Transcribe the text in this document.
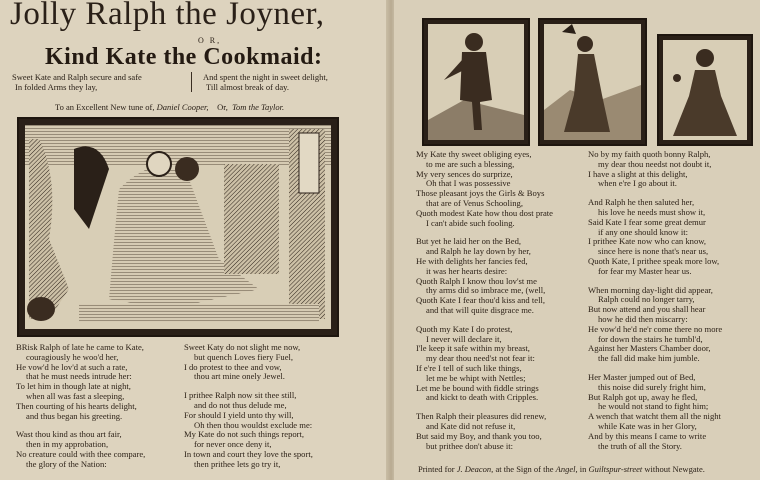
Jolly Ralph the Joyner,
O R,
Kind Kate the Cookmaid:
Sweet Kate and Ralph secure and safe
In folded Arms they lay,
And spent the night in sweet delight,
Till almost break of day.
To an Excellent New tune of, Daniel Cooper, Or, Tom the Taylor.
BRisk Ralph of late he came to Kate,
couragiously he woo'd her,
He vow'd he lov'd at such a rate,
that he must needs intrude her:
To let him in though late at night,
when all was fast a sleeping,
Then courting of his hearts delight,
and thus began his greeting.
Wast thou kind as thou art fair,
then in my approbation,
No creature could with thee compare,
the glory of the Nation:
Sweet Katy do not slight me now,
but quench Loves fiery Fuel,
I do protest to thee and vow,
thou art mine onely Jewel.
I prithee Ralph now sit thee still,
and do not thus delude me,
For should I yield unto thy will,
Oh then thou wouldst exclude me:
My Kate do not such things report,
for never once deny it,
In town and court they love the sport,
then prithee lets go try it,
My Kate thy sweet obliging eyes,
to me are such a blessing,
My very sences do surprize,
Oh that I was possessive
Those pleasant joys the Girls & Boys
that are of Venus Schooling,
Quoth modest Kate how thou dost prate
I can't abide such fooling.
But yet he laid her on the Bed,
and Ralph he lay down by her,
He with delights her fancies fed,
it was her hearts desire:
Quoth Ralph I know thou lov'st me
thy arms did so imbrace me, (well,
Quoth Kate I fear thou'd kiss and tell,
and that will quite disgrace me.
Quoth my Kate I do protest,
I never will declare it,
I'le keep it safe within my breast,
my dear thou need'st not fear it:
If e're I tell of such like things,
let me be whipt with Nettles;
Let me be bound with fiddle strings
and kickt to death with Cripples.
Then Ralph their pleasures did renew,
and Kate did not refuse it,
But said my Boy, and thank you too,
but prithee don't abuse it:
No by my faith quoth bonny Ralph,
my dear thou needst not doubt it,
I have a slight at this delight,
when e're I go about it.
And Ralph he then saluted her,
his love he needs must show it,
Said Kate I fear some great demur
if any one should know it:
I prithee Kate now who can know,
since here is none that's near us,
Quoth Kate, I prithee speak more low,
for fear my Master hear us.
When morning day-light did appear,
Ralph could no longer tarry,
But now attend and you shall hear
how he did then miscarry:
He vow'd he'd ne'r come there no more
for down the stairs he tumbl'd,
Against her Masters Chamber door,
the fall did make him jumble.
Her Master jumped out of Bed,
this noise did surely fright him,
But Ralph got up, away he fled,
he would not stand to fight him;
A wench that watcht them all the night
while Kate was in her Glory,
And by this means I came to write
the truth of all the Story.
Printed for J. Deacon, at the Sign of the Angel, in Guiltspur-street without Newgate.
